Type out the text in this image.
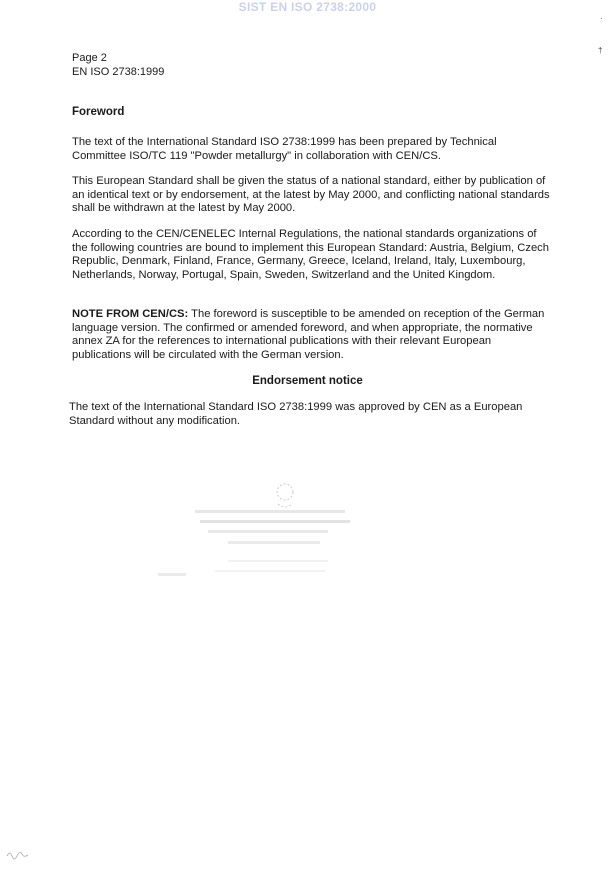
SIST EN ISO 2738:2000
·
†
Page 2
EN ISO 2738:1999
Foreword

The text of the International Standard ISO 2738:1999 has been prepared by Technical Committee ISO/TC 119 "Powder metallurgy" in collaboration with CEN/CS.

This European Standard shall be given the status of a national standard, either by publication of an identical text or by endorsement, at the latest by May 2000, and conflicting national standards shall be withdrawn at the latest by May 2000.

According to the CEN/CENELEC Internal Regulations, the national standards organizations of the following countries are bound to implement this European Standard: Austria, Belgium, Czech Republic, Denmark, Finland, France, Germany, Greece, Iceland, Ireland, Italy, Luxembourg, Netherlands, Norway, Portugal, Spain, Sweden, Switzerland and the United Kingdom.

NOTE FROM CEN/CS: The foreword is susceptible to be amended on reception of the German language version. The confirmed or amended foreword, and when appropriate, the normative annex ZA for the references to international publications with their relevant European publications will be circulated with the German version.

Endorsement notice

The text of the International Standard ISO 2738:1999 was approved by CEN as a European Standard without any modification.
